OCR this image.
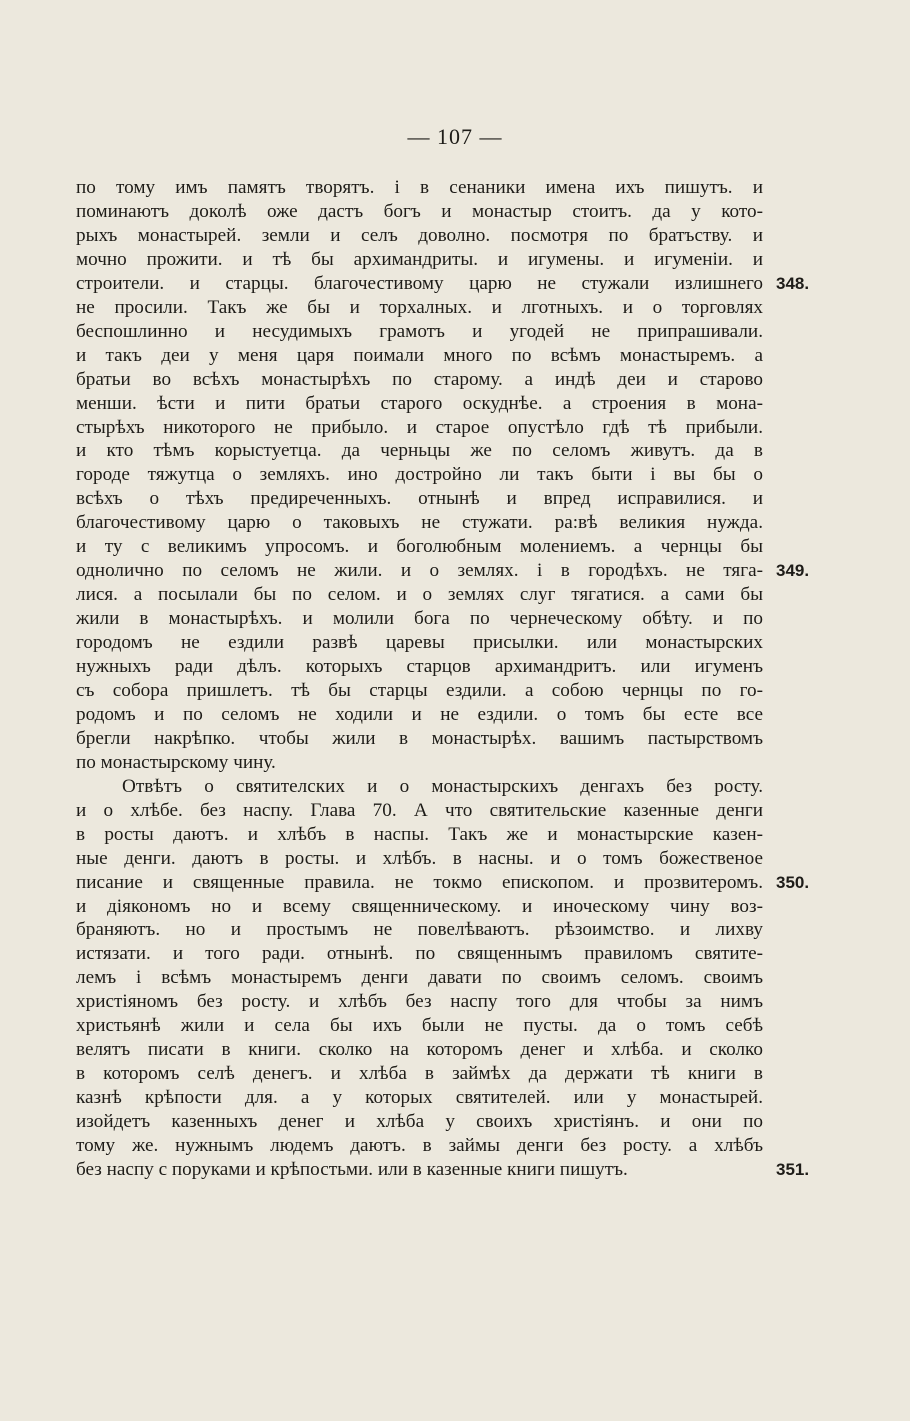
— 107 —
по тому имъ памятъ творятъ. і в сенаники имена ихъ пишутъ. и
поминаютъ доколѣ оже дастъ богъ и монастыр стоитъ. да у кото-
рыхъ монастырей. земли и селъ доволно. посмотря по братъству. и
мочно прожити. и тѣ бы архимандриты. и игумены. и игуменіи. и
строители. и старцы. благочестивому царю не стужали излишнего
не просили. Такъ же бы и торхалных. и лготныхъ. и о торговлях
беспошлинно и несудимыхъ грамотъ и угодей не припрашивали.
и такъ деи у меня царя поимали много по всѣмъ монастыремъ. а
братьи во всѣхъ монастырѣхъ по старому. а индѣ деи и старово
менши. ѣсти и пити братьи старого оскуднѣе. а строения в мона-
стырѣхъ никоторого не прибыло. и старое опустѣло гдѣ тѣ прибыли.
и кто тѣмъ корыстуетца. да черньцы же по селомъ живутъ. да в
городе тяжутца о земляхъ. ино достройно ли такъ быти і вы бы о
всѣхъ о тѣхъ предиреченныхъ. отнынѣ и впред исправилися. и
благочестивому царю о таковыхъ не стужати. ра:вѣ великия нужда.
и ту с великимъ упросомъ. и боголюбным молениемъ. а чернцы бы
однолично по селомъ не жили. и о землях. і в городѣхъ. не тяга-
лися. а посылали бы по селом. и о землях слуг тягатися. а сами бы
жили в монастырѣхъ. и молили бога по чернеческому обѣту. и по
городомъ не ездили развѣ царевы присылки. или монастырских
нужныхъ ради дѣлъ. которыхъ старцов архимандритъ. или игуменъ
съ собора пришлетъ. тѣ бы старцы ездили. а собою чернцы по го-
родомъ и по селомъ не ходили и не ездили. о томъ бы есте все
брегли накрѣпко. чтобы жили в монастырѣх. вашимъ пастырствомъ
по монастырскому чину.
Отвѣтъ о святителских и о монастырскихъ денгахъ без росту.
и о хлѣбе. без наспу. Глава 70. А что святительские казенные денги
в росты даютъ. и хлѣбъ в наспы. Такъ же и монастырские казен-
ные денги. даютъ в росты. и хлѣбъ. в насны. и о томъ божественое
писание и священные правила. не токмо епископом. и прозвитеромъ.
и діякономъ но и всему священническому. и иноческому чину воз-
браняютъ. но и простымъ не повелѣваютъ. рѣзоимство. и лихву
истязати. и того ради. отнынѣ. по священнымъ правиломъ святите-
лемъ і всѣмъ монастыремъ денги давати по своимъ селомъ. своимъ
христіяномъ без росту. и хлѣбъ без наспу того для чтобы за нимъ
христьянѣ жили и села бы ихъ были не пусты. да о томъ себѣ
велятъ писати в книги. сколко на которомъ денег и хлѣба. и сколко
в которомъ селѣ денегъ. и хлѣба в займѣх да держати тѣ книги в
казнѣ крѣпости для. а у которых святителей. или у монастырей.
изойдетъ казенныхъ денег и хлѣба у своихъ христіянъ. и они по
тому же. нужнымъ людемъ даютъ. в займы денги без росту. а хлѣбъ
без наспу с поруками и крѣпостьми. или в казенные книги пишутъ.
348.
349.
350.
351.
